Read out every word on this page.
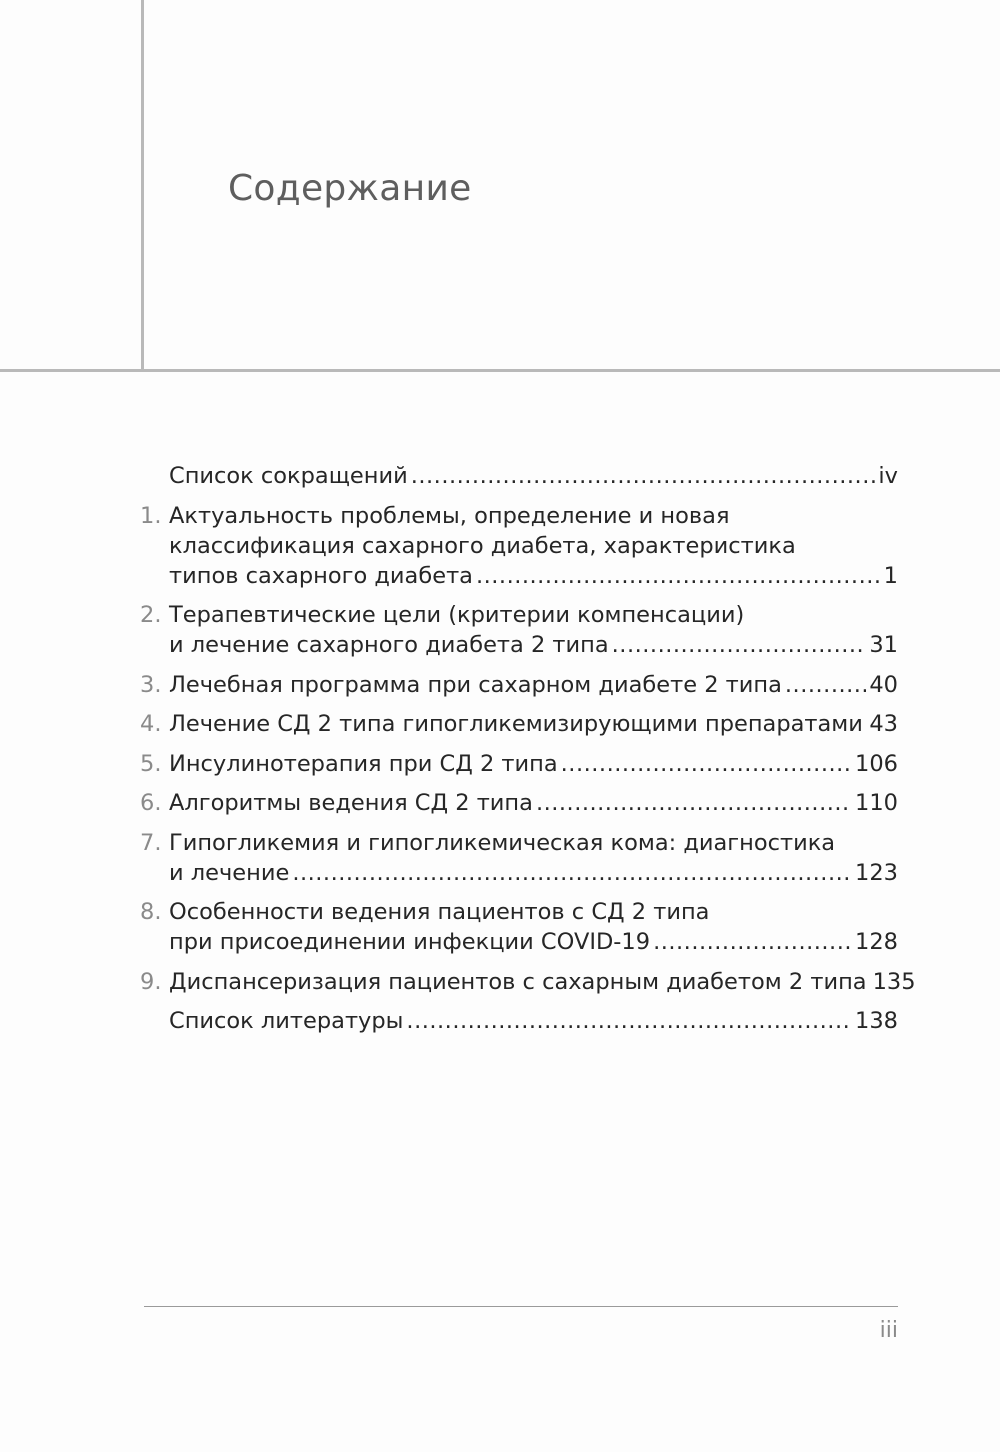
Содержание
Список сокращений .....	iv
1. Актуальность проблемы, определение и новая
классификация сахарного диабета, характеристика
типов сахарного диабета .....	1
2. Терапевтические цели (критерии компенсации)
и лечение сахарного диабета 2 типа .....	31
3. Лечебная программа при сахарном диабете 2 типа .....	40
4. Лечение СД 2 типа гипогликемизирующими препаратами ..... 43
5. Инсулинотерапия при СД 2 типа .....	106
6. Алгоритмы ведения СД 2 типа .....	110
7. Гипогликемия и гипогликемическая кома: диагностика
и лечение .....	123
8. Особенности ведения пациентов с СД 2 типа
при присоединении инфекции COVID-19 .....	128
9. Диспансеризация пациентов с сахарным диабетом 2 типа 135
Список литературы .....	138
iii
